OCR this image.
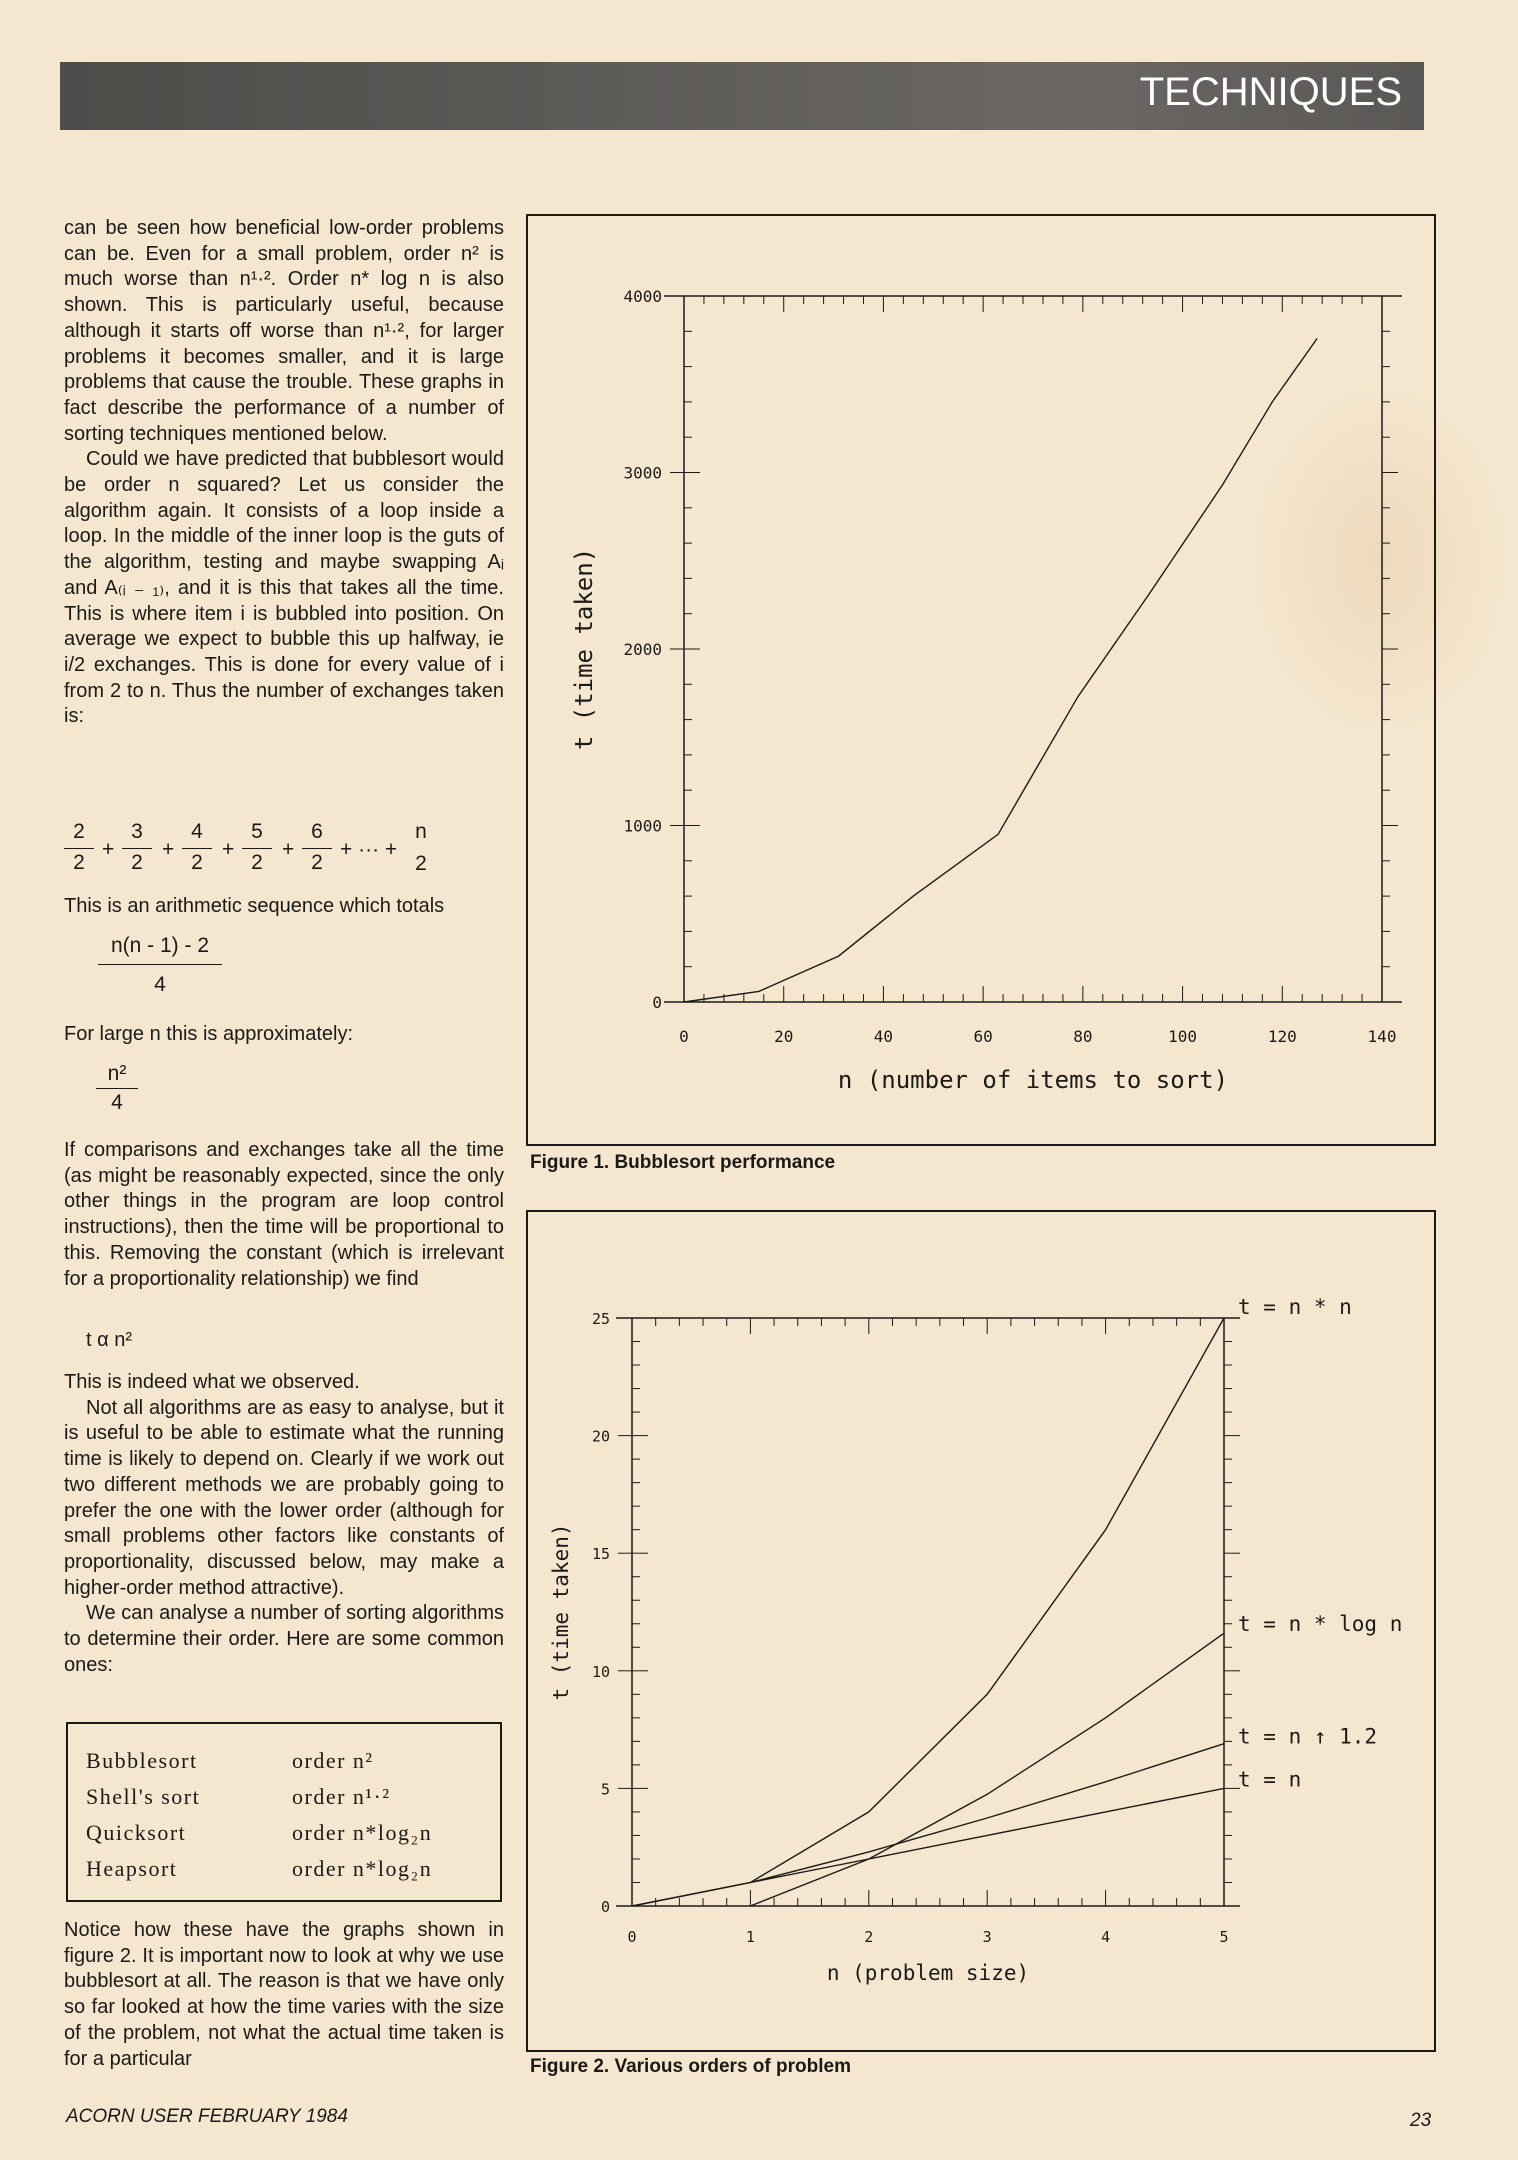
TECHNIQUES

can be seen how beneficial low-order problems can be. Even for a small problem, order n² is much worse than n¹·². Order n* log n is also shown. This is particularly useful, because although it starts off worse than n¹·², for larger problems it becomes smaller, and it is large problems that cause the trouble. These graphs in fact describe the performance of a number of sorting techniques mentioned below.

Could we have predicted that bubblesort would be order n squared? Let us consider the algorithm again. It consists of a loop inside a loop. In the middle of the inner loop is the guts of the algorithm, testing and maybe swapping Aᵢ and A₍ᵢ ₋ ₁₎, and it is this that takes all the time. This is where item i is bubbled into position. On average we expect to bubble this up halfway, ie i/2 exchanges. This is done for every value of i from 2 to n. Thus the number of exchanges taken is:

2
2
+
3
2
+
4
2
+
5
2
+
6
2
+ ··· +
n
2

This is an arithmetic sequence which totals

n(n - 1) - 2
4

For large n this is approximately:

n²
4

If comparisons and exchanges take all the time (as might be reasonably expected, since the only other things in the program are loop control instructions), then the time will be proportional to this. Removing the constant (which is irrelevant for a proportionality relationship) we find

t α n²

This is indeed what we observed.

Not all algorithms are as easy to analyse, but it is useful to be able to estimate what the running time is likely to depend on. Clearly if we work out two different methods we are probably going to prefer the one with the lower order (although for small problems other factors like constants of proportionality, discussed below, may make a higher-order method attractive).

We can analyse a number of sorting algorithms to determine their order. Here are some common ones:

Bubblesort	order n²
Shell's sort	order n¹·²
Quicksort	order n*log₂n
Heapsort	order n*log₂n

Notice how these have the graphs shown in figure 2. It is important now to look at why we use bubblesort at all. The reason is that we have only so far looked at how the time varies with the size of the problem, not what the actual time taken is for a particular

0	20	40	60	80	100	120	140
0
1000
2000
3000
4000
n (number of items to sort)
t (time taken)
Figure 1. Bubblesort performance
0	1	2	3	4	5
0
5
10
15
20
25
n (problem size)
t (time taken)
t = n * n
t = n * log n
t = n ↑ 1.2
t = n
Figure 2. Various orders of problem
ACORN USER FEBRUARY 1984	23
